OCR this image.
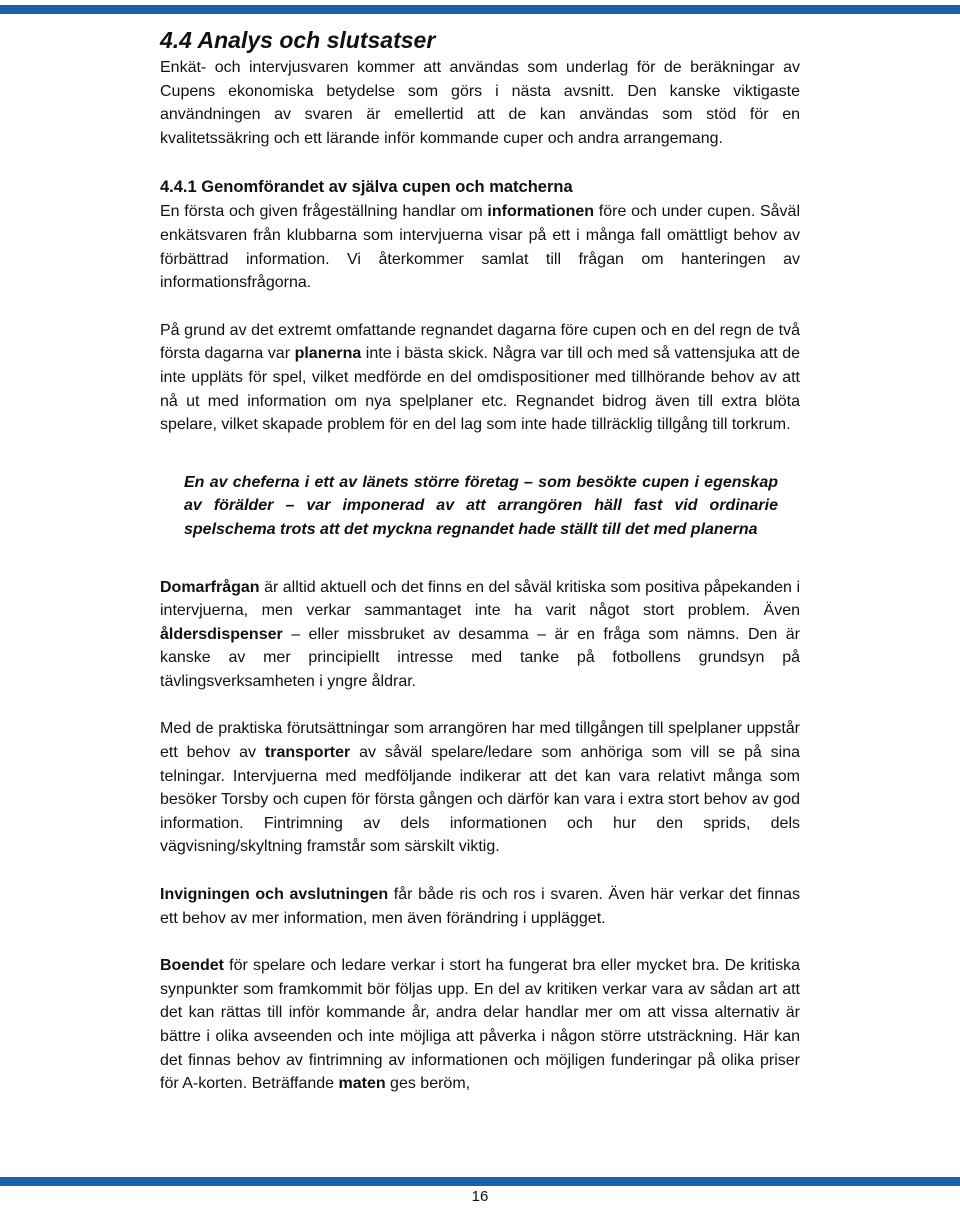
4.4 Analys och slutsatser

Enkät- och intervjusvaren kommer att användas som underlag för de beräkningar av Cupens ekonomiska betydelse som görs i nästa avsnitt. Den kanske viktigaste användningen av svaren är emellertid att de kan användas som stöd för en kvalitetssäkring och ett lärande inför kommande cuper och andra arrangemang.

4.4.1 Genomförandet av själva cupen och matcherna

En första och given frågeställning handlar om informationen före och under cupen. Såväl enkätsvaren från klubbarna som intervjuerna visar på ett i många fall omättligt behov av förbättrad information. Vi återkommer samlat till frågan om hanteringen av informationsfrågorna.

På grund av det extremt omfattande regnandet dagarna före cupen och en del regn de två första dagarna var planerna inte i bästa skick. Några var till och med så vattensjuka att de inte uppläts för spel, vilket medförde en del omdispositioner med tillhörande behov av att nå ut med information om nya spelplaner etc. Regnandet bidrog även till extra blöta spelare, vilket skapade problem för en del lag som inte hade tillräcklig tillgång till torkrum.

En av cheferna i ett av länets större företag – som besökte cupen i egenskap av förälder – var imponerad av att arrangören häll fast vid ordinarie spelschema trots att det myckna regnandet hade ställt till det med planerna

Domarfrågan är alltid aktuell och det finns en del såväl kritiska som positiva påpekanden i intervjuerna, men verkar sammantaget inte ha varit något stort problem. Även åldersdispenser – eller missbruket av desamma – är en fråga som nämns. Den är kanske av mer principiellt intresse med tanke på fotbollens grundsyn på tävlingsverksamheten i yngre åldrar.

Med de praktiska förutsättningar som arrangören har med tillgången till spelplaner uppstår ett behov av transporter av såväl spelare/ledare som anhöriga som vill se på sina telningar. Intervjuerna med medföljande indikerar att det kan vara relativt många som besöker Torsby och cupen för första gången och därför kan vara i extra stort behov av god information. Fintrimning av dels informationen och hur den sprids, dels vägvisning/skyltning framstår som särskilt viktig.

Invigningen och avslutningen får både ris och ros i svaren. Även här verkar det finnas ett behov av mer information, men även förändring i upplägget.

Boendet för spelare och ledare verkar i stort ha fungerat bra eller mycket bra. De kritiska synpunkter som framkommit bör följas upp. En del av kritiken verkar vara av sådan art att det kan rättas till inför kommande år, andra delar handlar mer om att vissa alternativ är bättre i olika avseenden och inte möjliga att påverka i någon större utsträckning. Här kan det finnas behov av fintrimning av informationen och möjligen funderingar på olika priser för A-korten. Beträffande maten ges beröm,

16
